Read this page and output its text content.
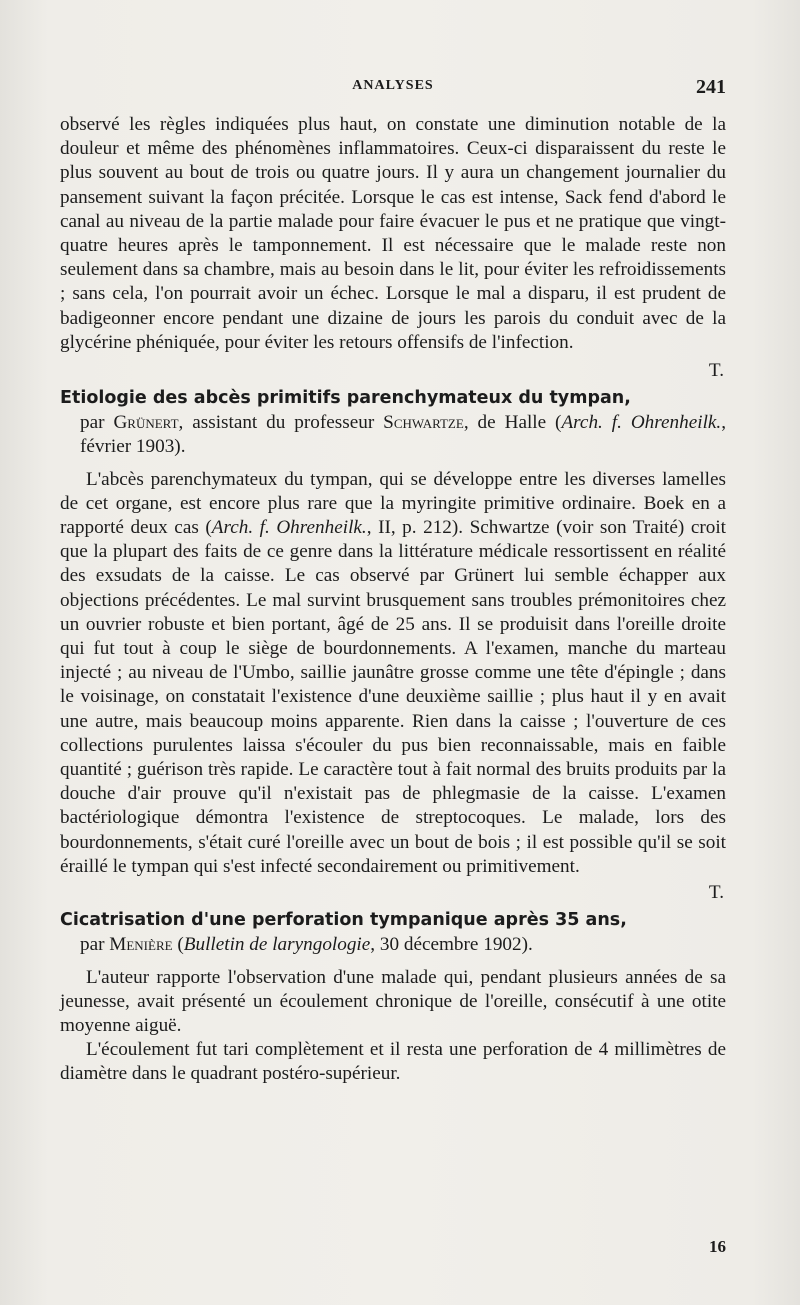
ANALYSES	241

observé les règles indiquées plus haut, on constate une diminution notable de la douleur et même des phénomènes inflammatoires. Ceux-ci disparaissent du reste le plus souvent au bout de trois ou quatre jours. Il y aura un changement journalier du pansement suivant la façon précitée. Lorsque le cas est intense, Sack fend d'abord le canal au niveau de la partie malade pour faire évacuer le pus et ne pratique que vingt-quatre heures après le tamponnement. Il est nécessaire que le malade reste non seulement dans sa chambre, mais au besoin dans le lit, pour éviter les refroidissements ; sans cela, l'on pourrait avoir un échec. Lorsque le mal a disparu, il est prudent de badigeonner encore pendant une dizaine de jours les parois du conduit avec de la glycérine phéniquée, pour éviter les retours offensifs de l'infection.

T.

Etiologie des abcès primitifs parenchymateux du tympan,

par Grünert, assistant du professeur Schwartze, de Halle (Arch. f. Ohrenheilk., février 1903).

L'abcès parenchymateux du tympan, qui se développe entre les diverses lamelles de cet organe, est encore plus rare que la myringite primitive ordinaire. Boek en a rapporté deux cas (Arch. f. Ohrenheilk., II, p. 212). Schwartze (voir son Traité) croit que la plupart des faits de ce genre dans la littérature médicale ressortissent en réalité des exsudats de la caisse. Le cas observé par Grünert lui semble échapper aux objections précédentes. Le mal survint brusquement sans troubles prémonitoires chez un ouvrier robuste et bien portant, âgé de 25 ans. Il se produisit dans l'oreille droite qui fut tout à coup le siège de bourdonnements. A l'examen, manche du marteau injecté ; au niveau de l'Umbo, saillie jaunâtre grosse comme une tête d'épingle ; dans le voisinage, on constatait l'existence d'une deuxième saillie ; plus haut il y en avait une autre, mais beaucoup moins apparente. Rien dans la caisse ; l'ouverture de ces collections purulentes laissa s'écouler du pus bien reconnaissable, mais en faible quantité ; guérison très rapide. Le caractère tout à fait normal des bruits produits par la douche d'air prouve qu'il n'existait pas de phlegmasie de la caisse. L'examen bactériologique démontra l'existence de streptocoques. Le malade, lors des bourdonnements, s'était curé l'oreille avec un bout de bois ; il est possible qu'il se soit éraillé le tympan qui s'est infecté secondairement ou primitivement.

T.

Cicatrisation d'une perforation tympanique après 35 ans,

par Menière (Bulletin de laryngologie, 30 décembre 1902).

L'auteur rapporte l'observation d'une malade qui, pendant plusieurs années de sa jeunesse, avait présenté un écoulement chronique de l'oreille, consécutif à une otite moyenne aiguë.

L'écoulement fut tari complètement et il resta une perforation de 4 millimètres de diamètre dans le quadrant postéro-supérieur.

16
